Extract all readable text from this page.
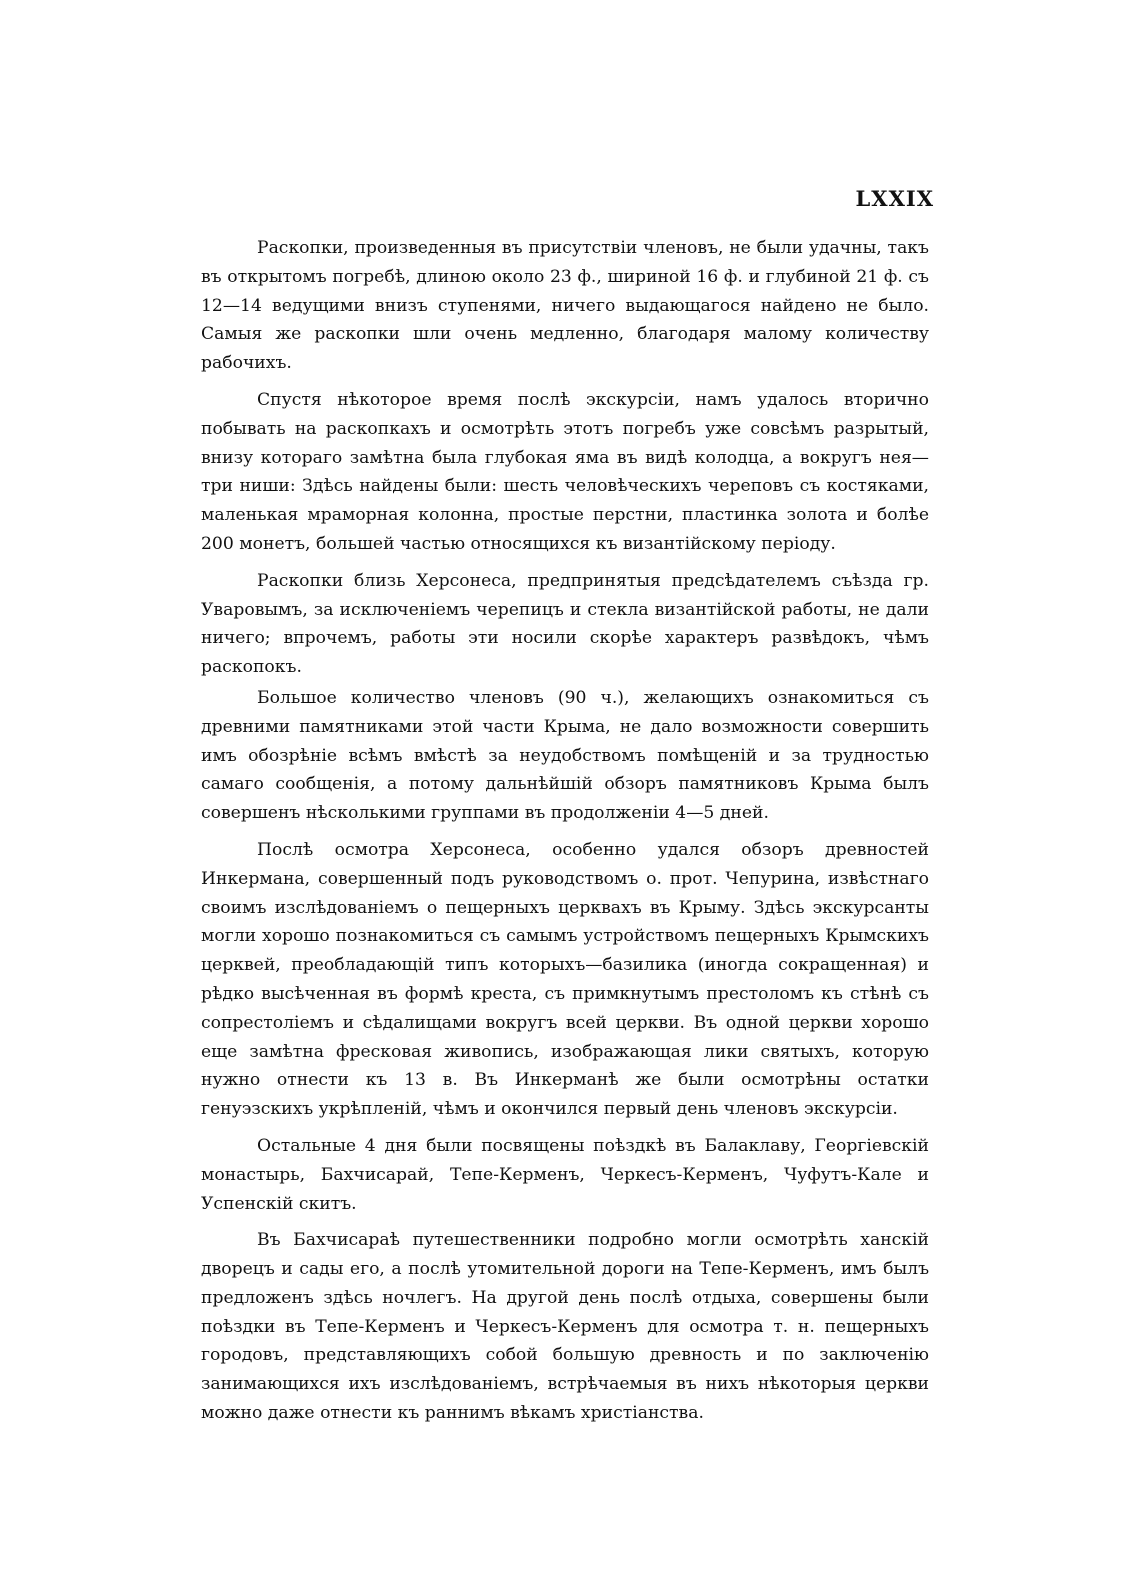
LXXIX

Раскопки, произведенныя въ присутствіи членовъ, не были удачны, такъ въ открытомъ погребѣ, длиною около 23 ф., шириной 16 ф. и глубиной 21 ф. съ 12—14 ведущими внизъ ступенями, ничего выдающагося найдено не было. Самыя же раскопки шли очень медленно, благодаря малому количеству рабочихъ.

Спустя нѣкоторое время послѣ экскурсіи, намъ удалось вторично побывать на раскопкахъ и осмотрѣть этотъ погребъ уже совсѣмъ разрытый, внизу котораго замѣтна была глубокая яма въ видѣ колодца, а вокругъ нея—три ниши: Здѣсь найдены были: шесть человѣческихъ череповъ съ костяками, маленькая мраморная колонна, простые перстни, пластинка золота и болѣе 200 монетъ, большей частью относящихся къ византійскому періоду.

Раскопки близь Херсонеса, предпринятыя предсѣдателемъ съѣзда гр. Уваровымъ, за исключеніемъ черепицъ и стекла византійской работы, не дали ничего; впрочемъ, работы эти носили скорѣе характеръ развѣдокъ, чѣмъ раскопокъ.

Большое количество членовъ (90 ч.), желающихъ ознакомиться съ древними памятниками этой части Крыма, не дало возможности совершить имъ обозрѣніе всѣмъ вмѣстѣ за неудобствомъ помѣщеній и за трудностью самаго сообщенія, а потому дальнѣйшій обзоръ памятниковъ Крыма былъ совершенъ нѣсколькими группами въ продолженіи 4—5 дней.

Послѣ осмотра Херсонеса, особенно удался обзоръ древностей Инкермана, совершенный подъ руководствомъ о. прот. Чепурина, извѣстнаго своимъ изслѣдованіемъ о пещерныхъ церквахъ въ Крыму. Здѣсь экскурсанты могли хорошо познакомиться съ самымъ устройствомъ пещерныхъ Крымскихъ церквей, преобладающій типъ которыхъ—базилика (иногда сокращенная) и рѣдко высѣченная въ формѣ креста, съ примкнутымъ престоломъ къ стѣнѣ съ сопрестоліемъ и сѣдалищами вокругъ всей церкви. Въ одной церкви хорошо еще замѣтна фресковая живопись, изображающая лики святыхъ, которую нужно отнести къ 13 в. Въ Инкерманѣ же были осмотрѣны остатки генуэзскихъ укрѣпленій, чѣмъ и окончился первый день членовъ экскурсіи.

Остальные 4 дня были посвящены поѣздкѣ въ Балаклаву, Георгіевскій монастырь, Бахчисарай, Тепе-Керменъ, Черкесъ-Керменъ, Чуфутъ-Кале и Успенскій скитъ.

Въ Бахчисараѣ путешественники подробно могли осмотрѣть ханскій дворецъ и сады его, а послѣ утомительной дороги на Тепе-Керменъ, имъ былъ предложенъ здѣсь ночлегъ. На другой день послѣ отдыха, совершены были поѣздки въ Тепе-Керменъ и Черкесъ-Керменъ для осмотра т. н. пещерныхъ городовъ, представляющихъ собой большую древность и по заключенію занимающихся ихъ изслѣдованіемъ, встрѣчаемыя въ нихъ нѣкоторыя церкви можно даже отнести къ раннимъ вѣкамъ христіанства.
